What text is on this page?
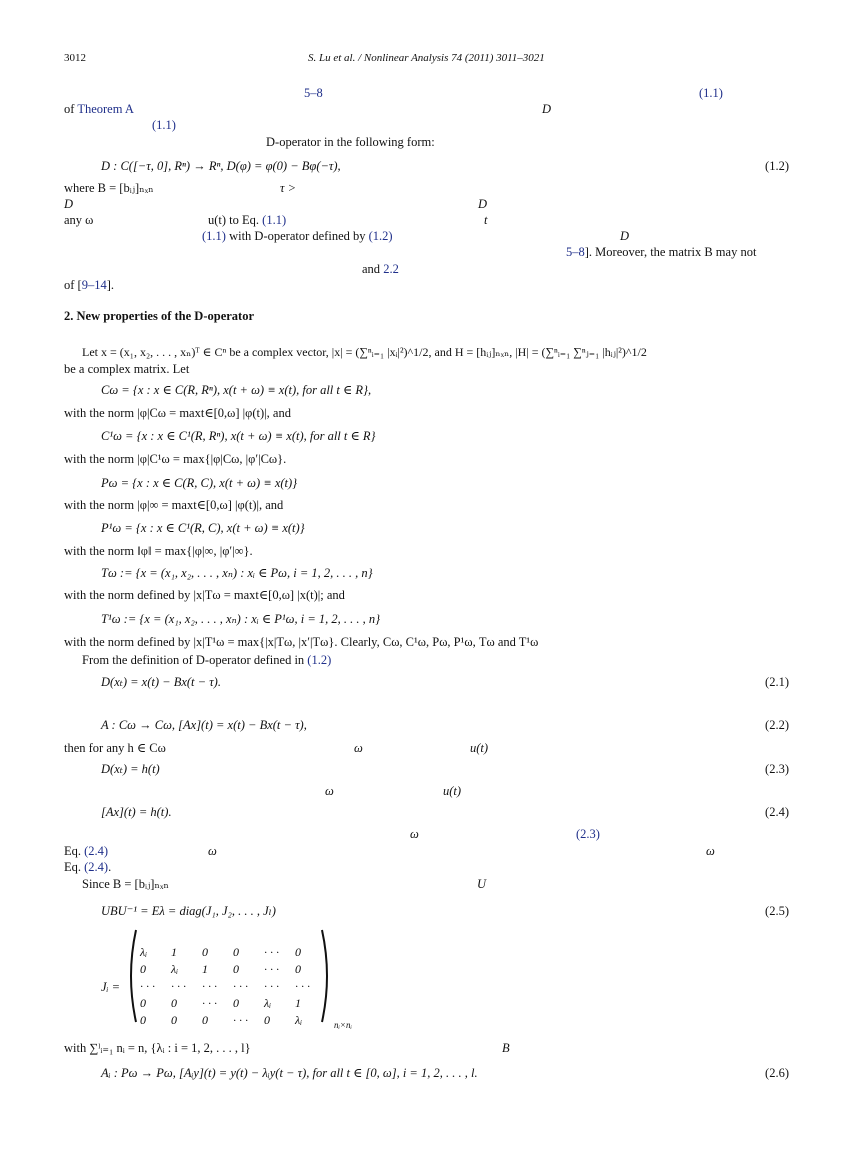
3012	S. Lu et al. / Nonlinear Analysis 74 (2011) 3011–3021
5–8	(1.1)
of Theorem A	D
(1.1)
D-operator in the following form:
D : C([−τ, 0], Rⁿ) → Rⁿ, D(φ) = φ(0) − Bφ(−τ),	(1.2)
where B = [bᵢⱼ]ₙₓₙ	τ >
D	D
any ω	u(t) to Eq. (1.1)	t
(1.1) with D-operator defined by (1.2)	D
5–8]. Moreover, the matrix B may not
and 2.2
of [9–14].
2. New properties of the D-operator
Let x = (x₁, x₂, . . . , xₙ)ᵀ ∈ Cⁿ be a complex vector, |x| = (∑ⁿᵢ₌₁ |xᵢ|²)^1/2, and H = [hᵢⱼ]ₙₓₙ, |H| = (∑ⁿᵢ₌₁ ∑ⁿⱼ₌₁ |hᵢⱼ|²)^1/2
be a complex matrix. Let
Cω = {x : x ∈ C(R, Rⁿ), x(t + ω) ≡ x(t), for all t ∈ R},
with the norm |φ|Cω = maxt∈[0,ω] |φ(t)|, and
C¹ω = {x : x ∈ C¹(R, Rⁿ), x(t + ω) ≡ x(t), for all t ∈ R}
with the norm |φ|C¹ω = max{|φ|Cω, |φ′|Cω}.
Pω = {x : x ∈ C(R, C), x(t + ω) ≡ x(t)}
with the norm |φ|∞ = maxt∈[0,ω] |φ(t)|, and
P¹ω = {x : x ∈ C¹(R, C), x(t + ω) ≡ x(t)}
with the norm ‖φ‖ = max{|φ|∞, |φ′|∞}.
Tω := {x = (x₁, x₂, . . . , xₙ) : xᵢ ∈ Pω, i = 1, 2, . . . , n}
with the norm defined by |x|Tω = maxt∈[0,ω] |x(t)|; and
T¹ω := {x = (x₁, x₂, . . . , xₙ) : xᵢ ∈ P¹ω, i = 1, 2, . . . , n}
with the norm defined by |x|T¹ω = max{|x|Tω, |x′|Tω}. Clearly, Cω, C¹ω, Pω, P¹ω, Tω and T¹ω
From the definition of D-operator defined in (1.2)
D(xₜ) = x(t) − Bx(t − τ).	(2.1)
A : Cω → Cω, [Ax](t) = x(t) − Bx(t − τ),	(2.2)
then for any h ∈ Cω	ω	u(t)
D(xₜ) = h(t)	(2.3)
ω	u(t)
[Ax](t) = h(t).	(2.4)
ω	(2.3)
Eq. (2.4)	ω	ω
Eq. (2.4).
Since B = [bᵢⱼ]ₙₓₙ	U
UBU⁻¹ = Eλ = diag(J₁, J₂, . . . , Jₗ)	(2.5)
Jᵢ =
λᵢ	1	0	0	· · ·	0
0	λᵢ	1	0	· · ·	0
· · ·	· · ·	· · ·	· · ·	· · ·	· · ·
0	0	· · ·	0	λᵢ	1
0	0	0	· · ·	0	λᵢ	nᵢ×nᵢ
with ∑ˡᵢ₌₁ nᵢ = n, {λᵢ : i = 1, 2, . . . , l}	B
Aᵢ : Pω → Pω, [Aᵢy](t) = y(t) − λᵢy(t − τ), for all t ∈ [0, ω], i = 1, 2, . . . , l.	(2.6)
